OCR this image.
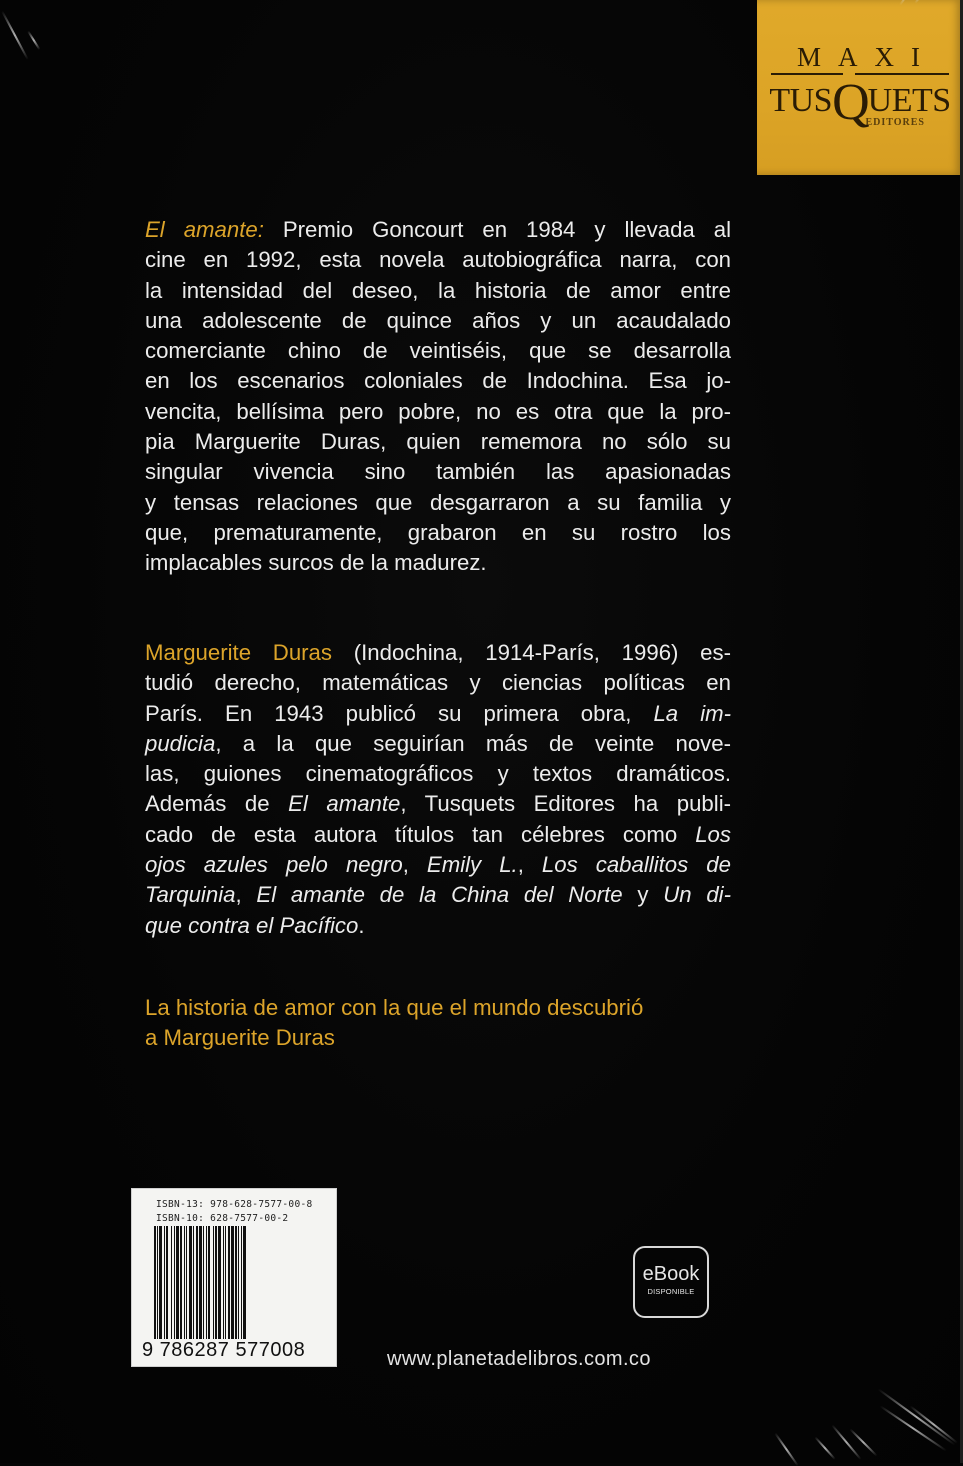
MAXI
TUSQUETS
EDITORES
El amante: Premio Goncourt en 1984 y llevada al
cine en 1992, esta novela autobiográfica narra, con
la intensidad del deseo, la historia de amor entre
una adolescente de quince años y un acaudalado
comerciante chino de veintiséis, que se desarrolla
en los escenarios coloniales de Indochina. Esa jo-
vencita, bellísima pero pobre, no es otra que la pro-
pia Marguerite Duras, quien rememora no sólo su
singular vivencia sino también las apasionadas
y tensas relaciones que desgarraron a su familia y
que, prematuramente, grabaron en su rostro los
implacables surcos de la madurez.
Marguerite Duras (Indochina, 1914-París, 1996) es-
tudió derecho, matemáticas y ciencias políticas en
París. En 1943 publicó su primera obra, La im-
pudicia, a la que seguirían más de veinte nove-
las, guiones cinematográficos y textos dramáticos.
Además de El amante, Tusquets Editores ha publi-
cado de esta autora títulos tan célebres como Los
ojos azules pelo negro, Emily L., Los caballitos de
Tarquinia, El amante de la China del Norte y Un di-
que contra el Pacífico.
La historia de amor con la que el mundo descubrió
a Marguerite Duras
ISBN-13: 978-628-7577-00-8
ISBN-10: 628-7577-00-2
9 786287 577008
eBook
DISPONIBLE
www.planetadelibros.com.co
